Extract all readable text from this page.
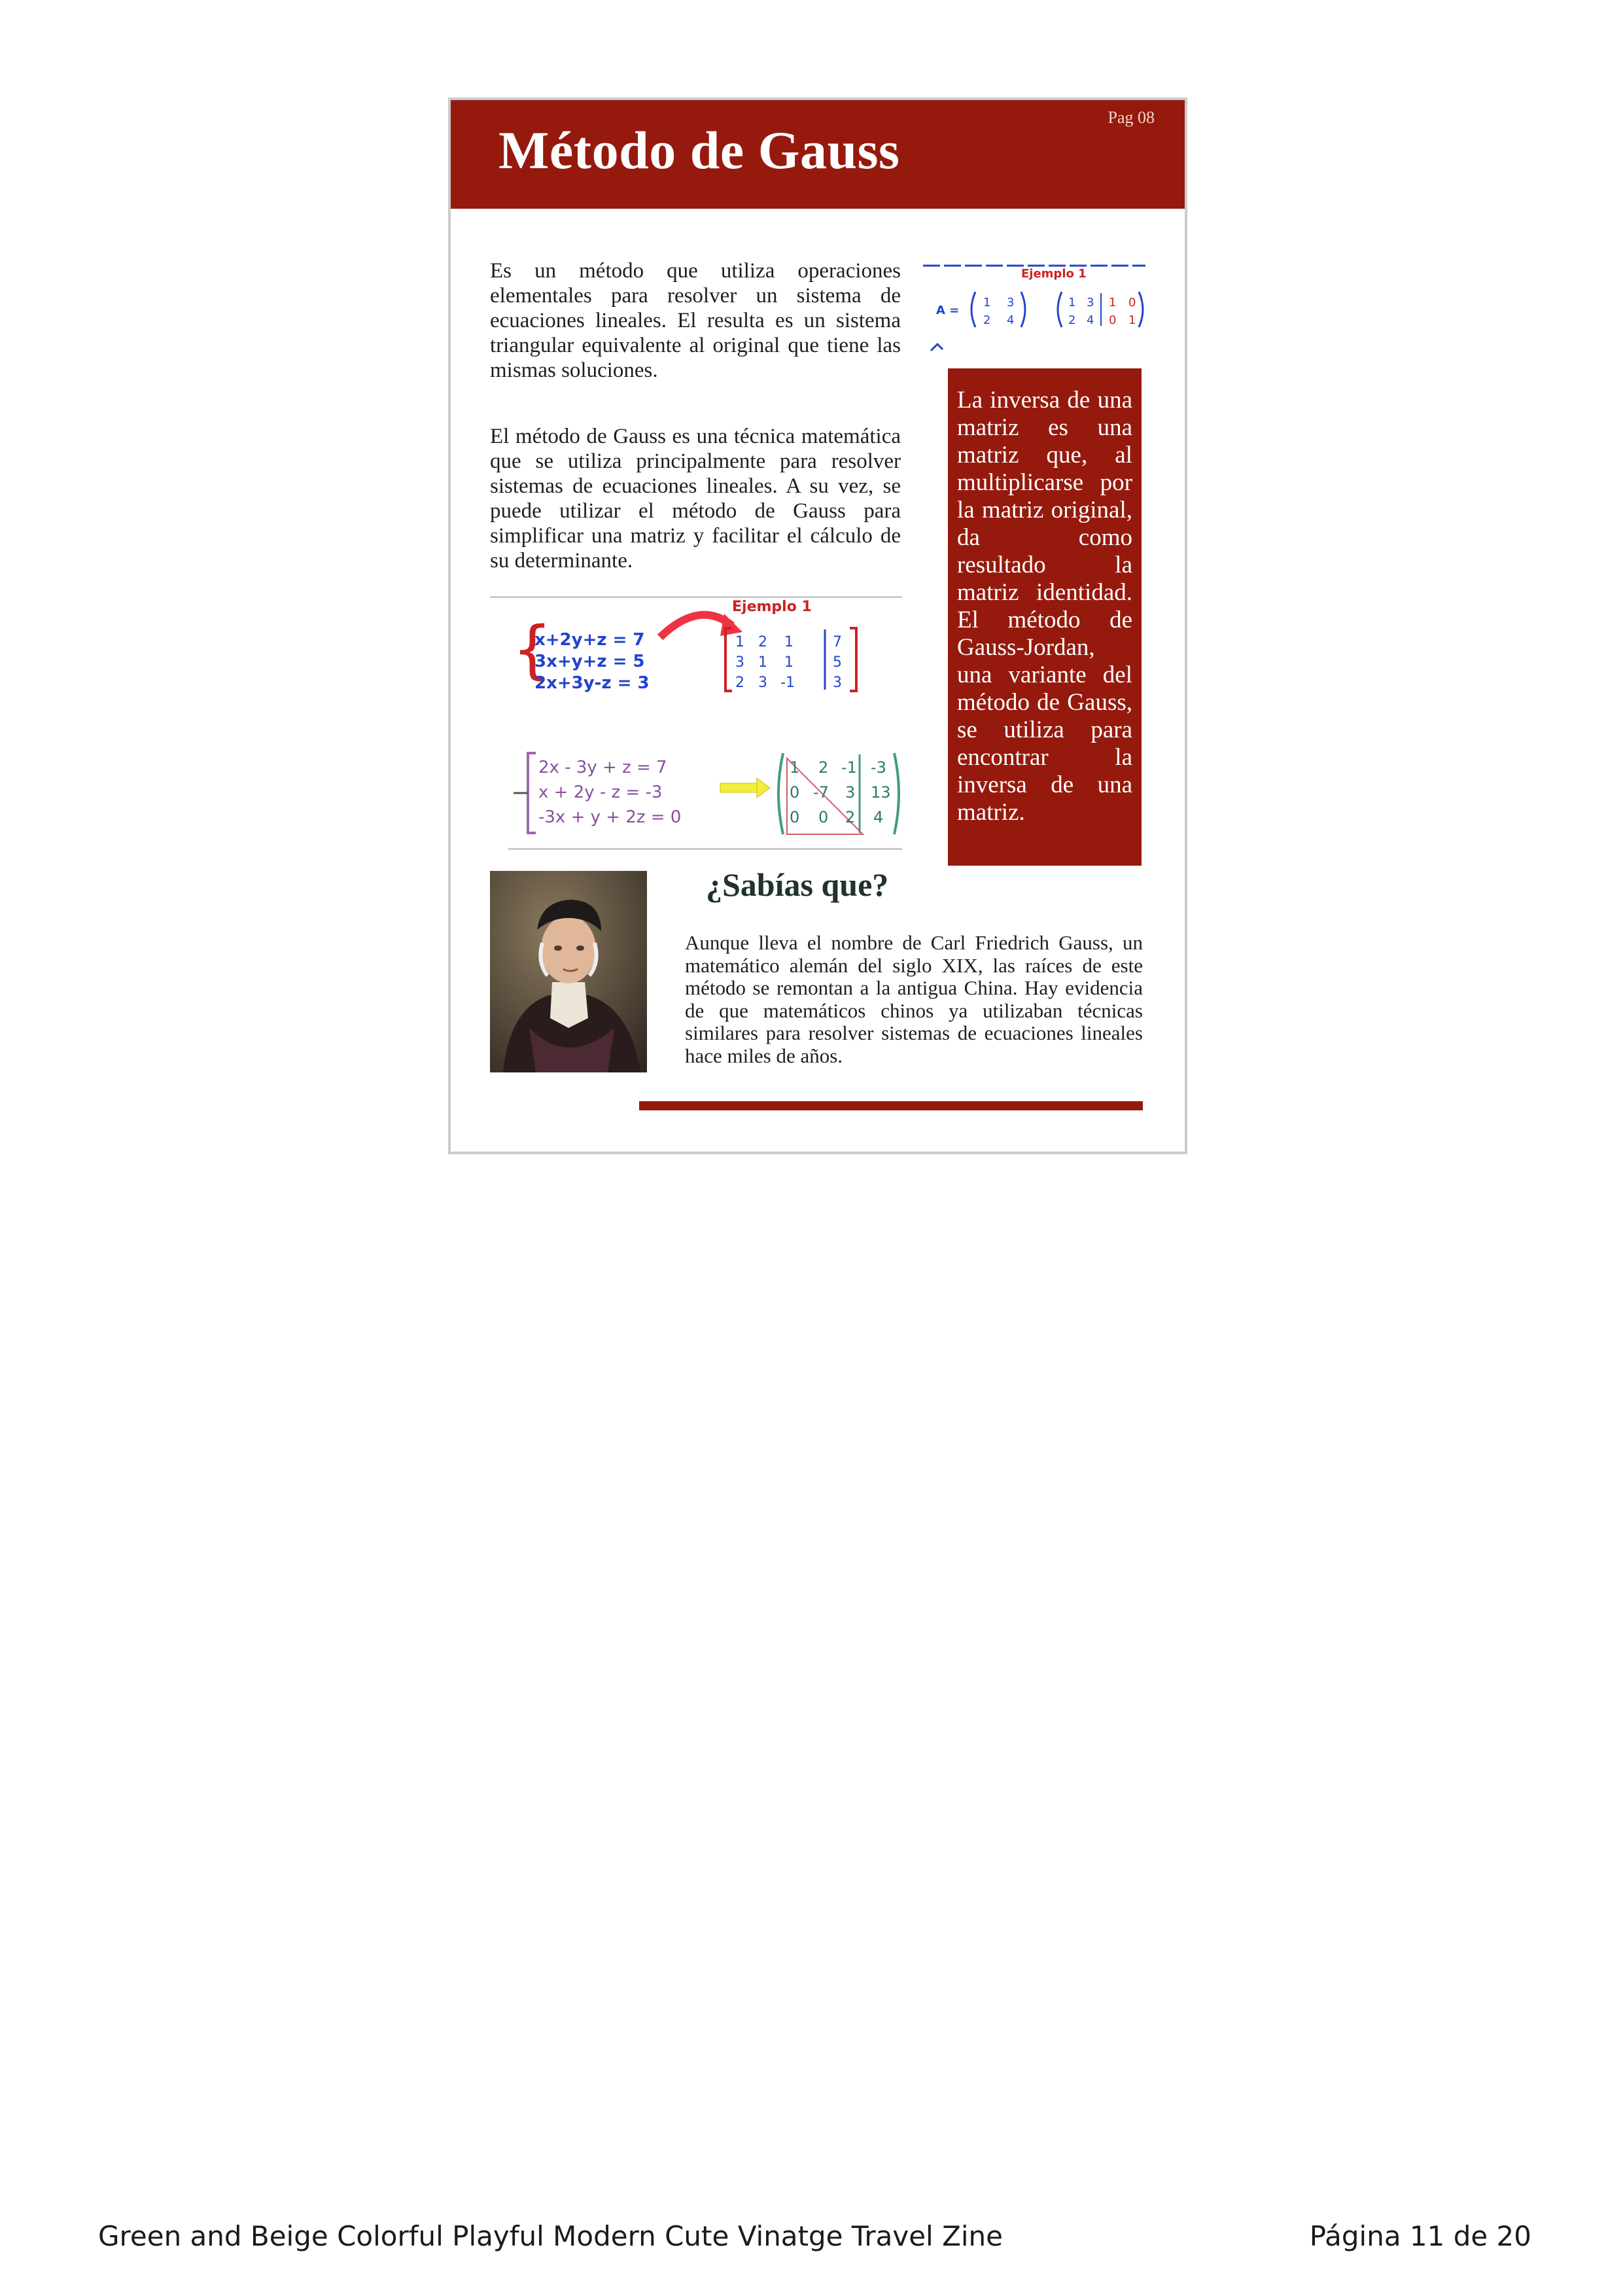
Método de Gauss
Pag 08

Es un método que utiliza operaciones elementales para resolver un sistema de ecuaciones lineales. El resulta es un sistema triangular equivalente al original que tiene las mismas soluciones.

El método de Gauss es una técnica matemática que se utiliza principalmente para resolver sistemas de ecuaciones lineales. A su vez, se puede utilizar el método de Gauss para simplificar una matriz y facilitar el cálculo de su determinante.

Ejemplo 1
A =
1 3
2 4
1 3 1 0
2 4 0 1

La inversa de una matriz es una matriz que, al multiplicarse por la matriz original, da como resultado la matriz identidad. El método de Gauss-Jordan, una variante del método de Gauss, se utiliza para encontrar la inversa de una matriz.

Ejemplo 1
{
x+2y+z = 7
3x+y+z = 5
2x+3y-z = 3
1 2 1	7
3 1 1	5
2 3 -1	3
2x - 3y + z = 7
x + 2y - z = -3
-3x + y + 2z = 0
1 2 -1 -3
0 -7 3 13
0 0 2 4
¿Sabías que?

Aunque lleva el nombre de Carl Friedrich Gauss, un matemático alemán del siglo XIX, las raíces de este método se remontan a la antigua China. Hay evidencia de que matemáticos chinos ya utilizaban técnicas similares para resolver sistemas de ecuaciones lineales hace miles de años.

Green and Beige Colorful Playful Modern Cute Vinatge Travel Zine	Página 11 de 20
